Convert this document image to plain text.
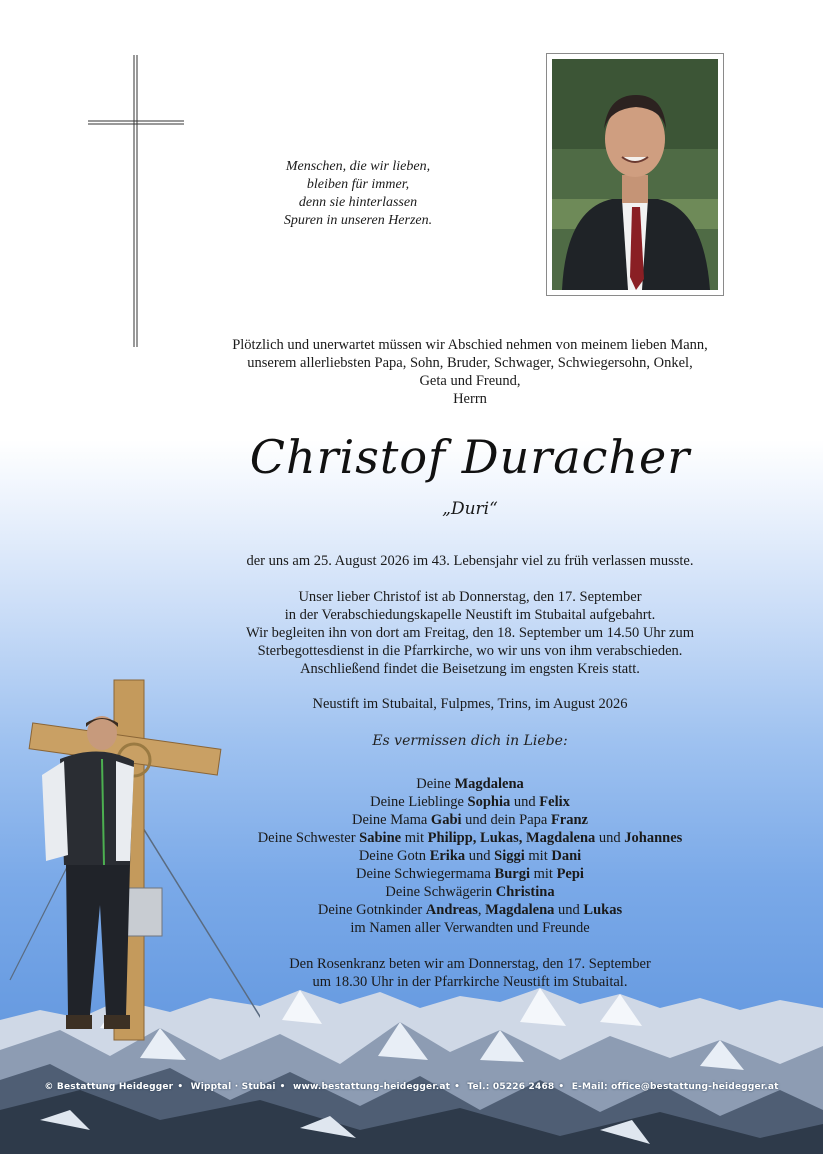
Menschen, die wir lieben,
bleiben für immer,
denn sie hinterlassen
Spuren in unseren Herzen.
Plötzlich und unerwartet müssen wir Abschied nehmen von meinem lieben Mann,
unserem allerliebsten Papa, Sohn, Bruder, Schwager, Schwiegersohn, Onkel,
Geta und Freund,
Herrn
Christof Duracher
„Duri“
der uns am 25. August 2026 im 43. Lebensjahr viel zu früh verlassen musste.
Unser lieber Christof ist ab Donnerstag, den 17. September
in der Verabschiedungskapelle Neustift im Stubaital aufgebahrt.
Wir begleiten ihn von dort am Freitag, den 18. September um 14.50 Uhr zum
Sterbegottesdienst in die Pfarrkirche, wo wir uns von ihm verabschieden.
Anschließend findet die Beisetzung im engsten Kreis statt.
Neustift im Stubaital, Fulpmes, Trins, im August 2026
Es vermissen dich in Liebe:
Deine Magdalena
Deine Lieblinge Sophia und Felix
Deine Mama Gabi und dein Papa Franz
Deine Schwester Sabine mit Philipp, Lukas, Magdalena und Johannes
Deine Gotn Erika und Siggi mit Dani
Deine Schwiegermama Burgi mit Pepi
Deine Schwägerin Christina
Deine Gotnkinder Andreas, Magdalena und Lukas
im Namen aller Verwandten und Freunde
Den Rosenkranz beten wir am Donnerstag, den 17. September
um 18.30 Uhr in der Pfarrkirche Neustift im Stubaital.
© Bestattung Heidegger • Wipptal · Stubai • www.bestattung-heidegger.at • Tel.: 05226 2468 • E-Mail: office@bestattung-heidegger.at
